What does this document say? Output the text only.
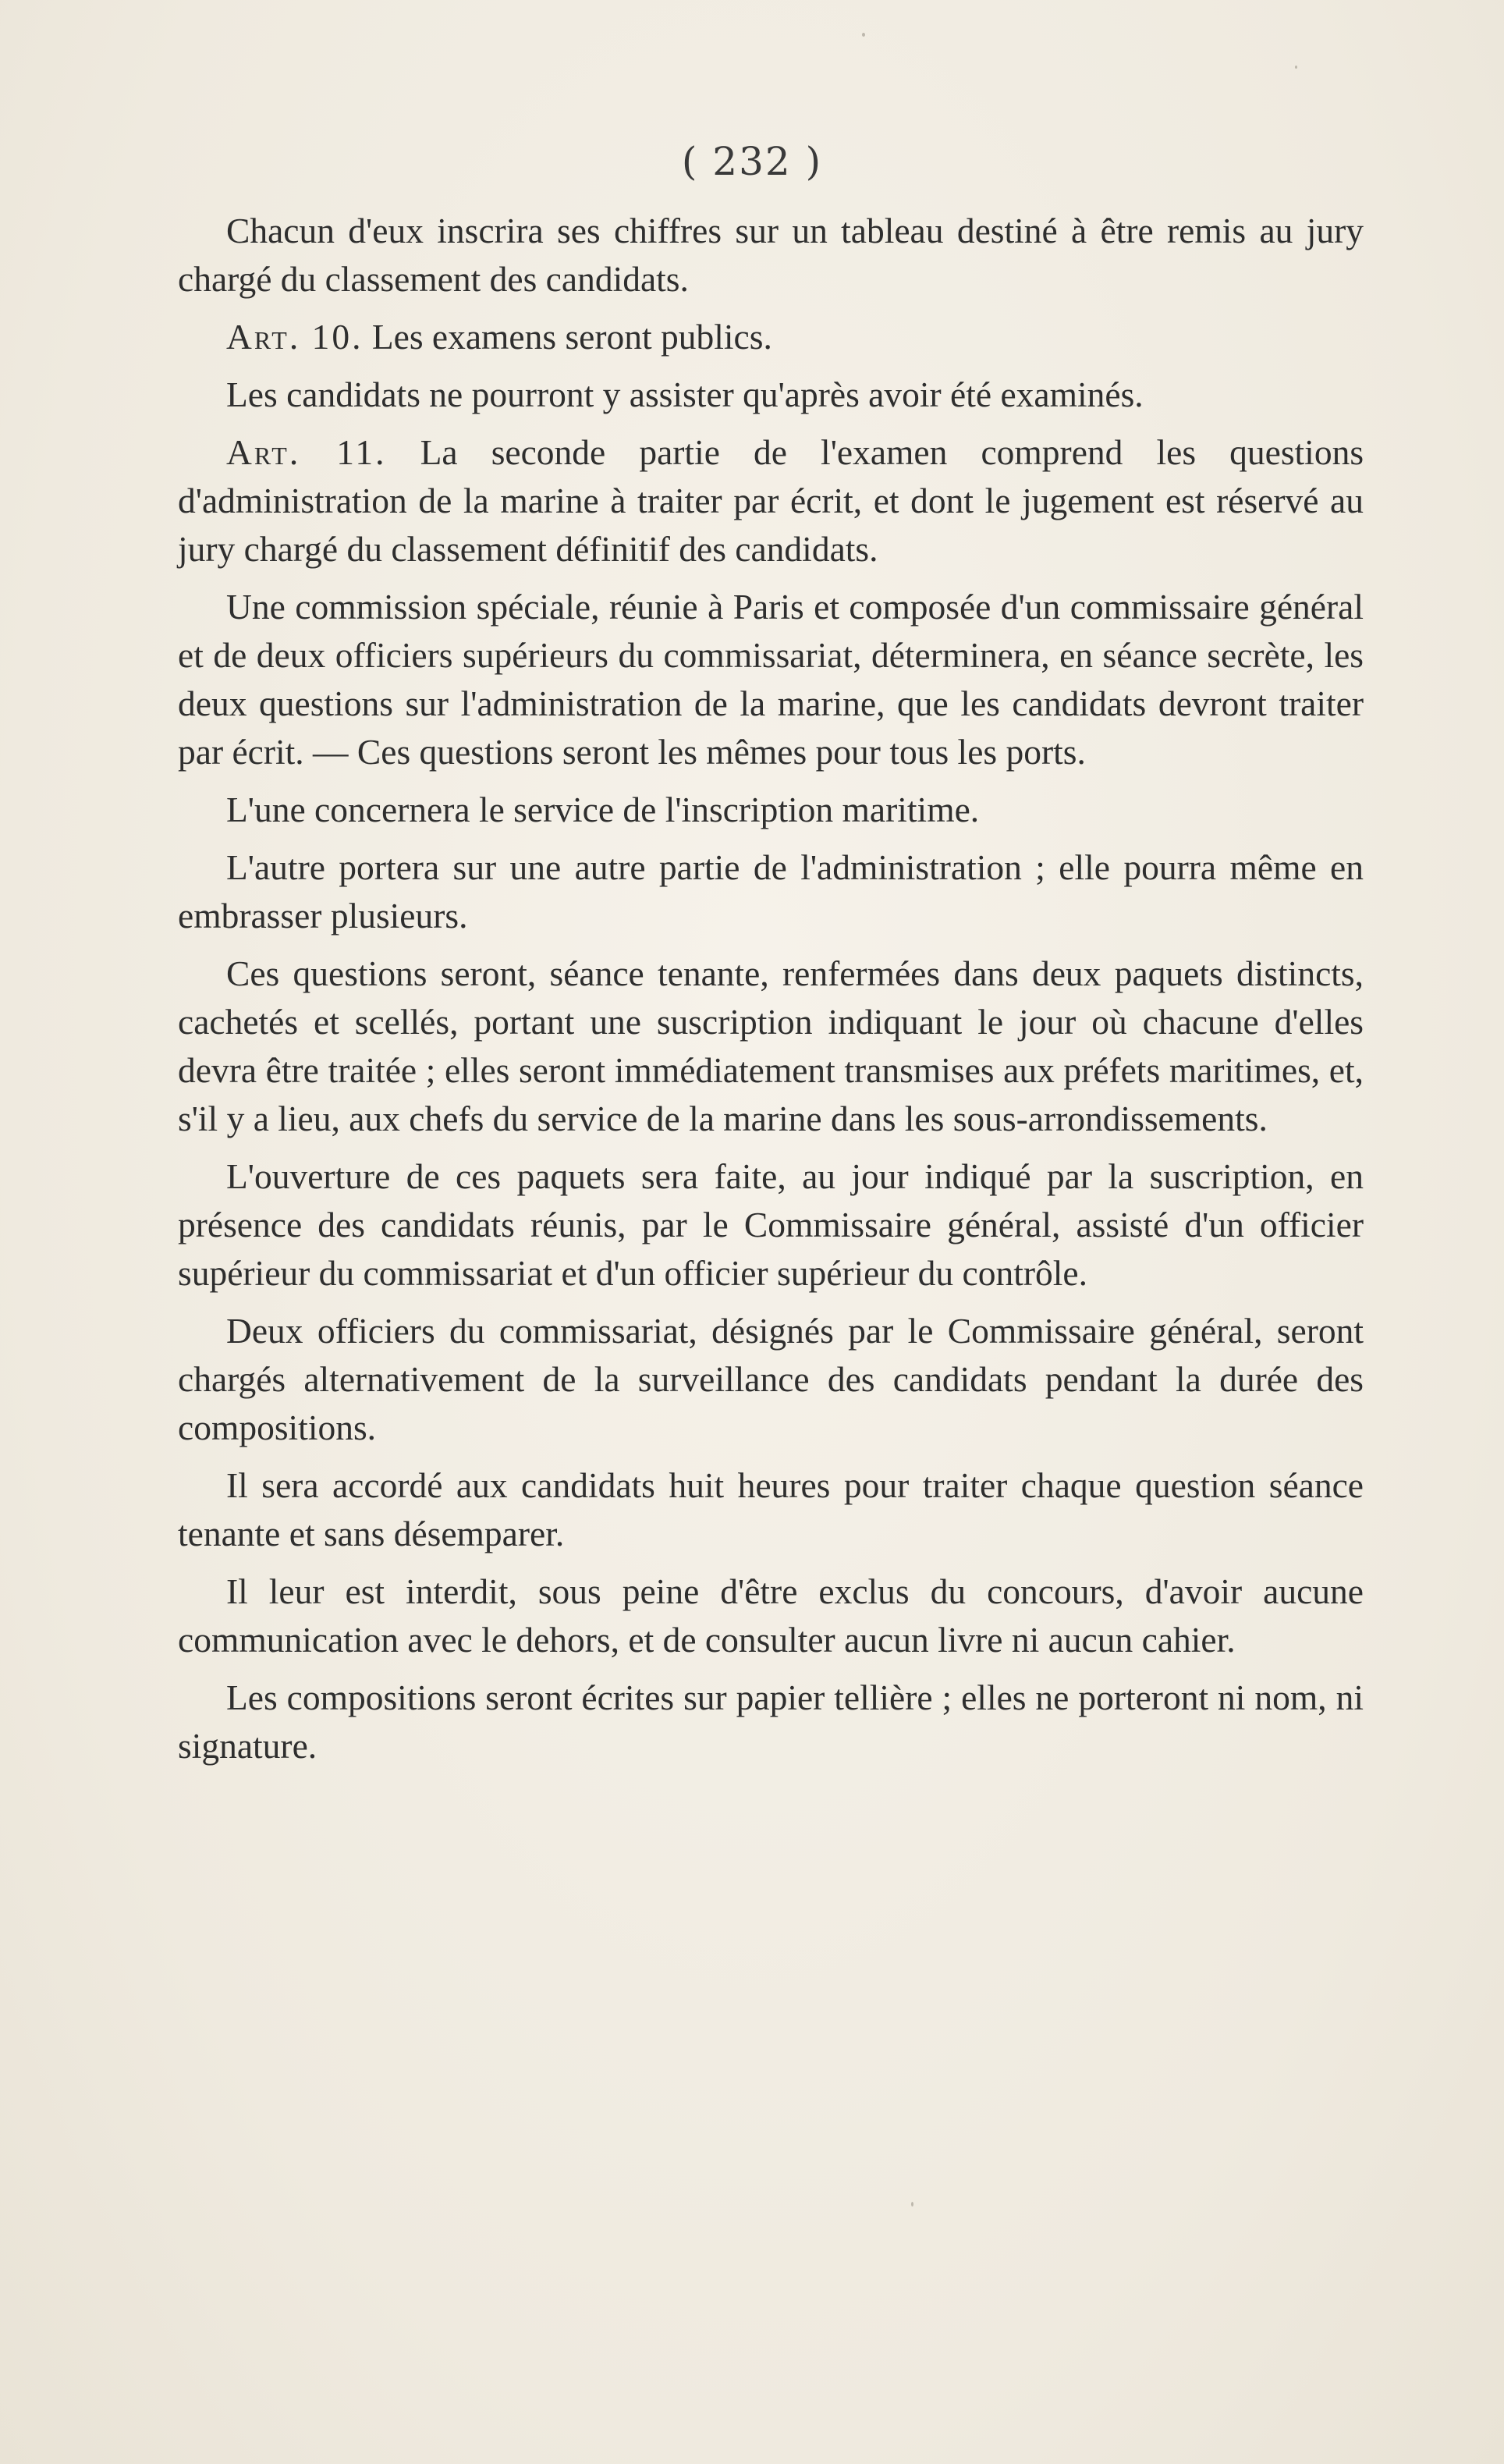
( 232 )

Chacun d'eux inscrira ses chiffres sur un tableau destiné à être remis au jury chargé du classement des candidats.

Art. 10. Les examens seront publics.

Les candidats ne pourront y assister qu'après avoir été examinés.

Art. 11. La seconde partie de l'examen comprend les questions d'administration de la marine à traiter par écrit, et dont le jugement est réservé au jury chargé du classement définitif des candidats.

Une commission spéciale, réunie à Paris et composée d'un commissaire général et de deux officiers supérieurs du commissariat, déterminera, en séance secrète, les deux questions sur l'administration de la marine, que les candidats devront traiter par écrit. — Ces questions seront les mêmes pour tous les ports.

L'une concernera le service de l'inscription maritime.

L'autre portera sur une autre partie de l'administration ; elle pourra même en embrasser plusieurs.

Ces questions seront, séance tenante, renfermées dans deux paquets distincts, cachetés et scellés, portant une suscription indiquant le jour où chacune d'elles devra être traitée ; elles seront immédiatement transmises aux préfets maritimes, et, s'il y a lieu, aux chefs du service de la marine dans les sous-arrondissements.

L'ouverture de ces paquets sera faite, au jour indiqué par la suscription, en présence des candidats réunis, par le Commissaire général, assisté d'un officier supérieur du commissariat et d'un officier supérieur du contrôle.

Deux officiers du commissariat, désignés par le Commissaire général, seront chargés alternativement de la surveillance des candidats pendant la durée des compositions.

Il sera accordé aux candidats huit heures pour traiter chaque question séance tenante et sans désemparer.

Il leur est interdit, sous peine d'être exclus du concours, d'avoir aucune communication avec le dehors, et de consulter aucun livre ni aucun cahier.

Les compositions seront écrites sur papier tellière ; elles ne porteront ni nom, ni signature.
